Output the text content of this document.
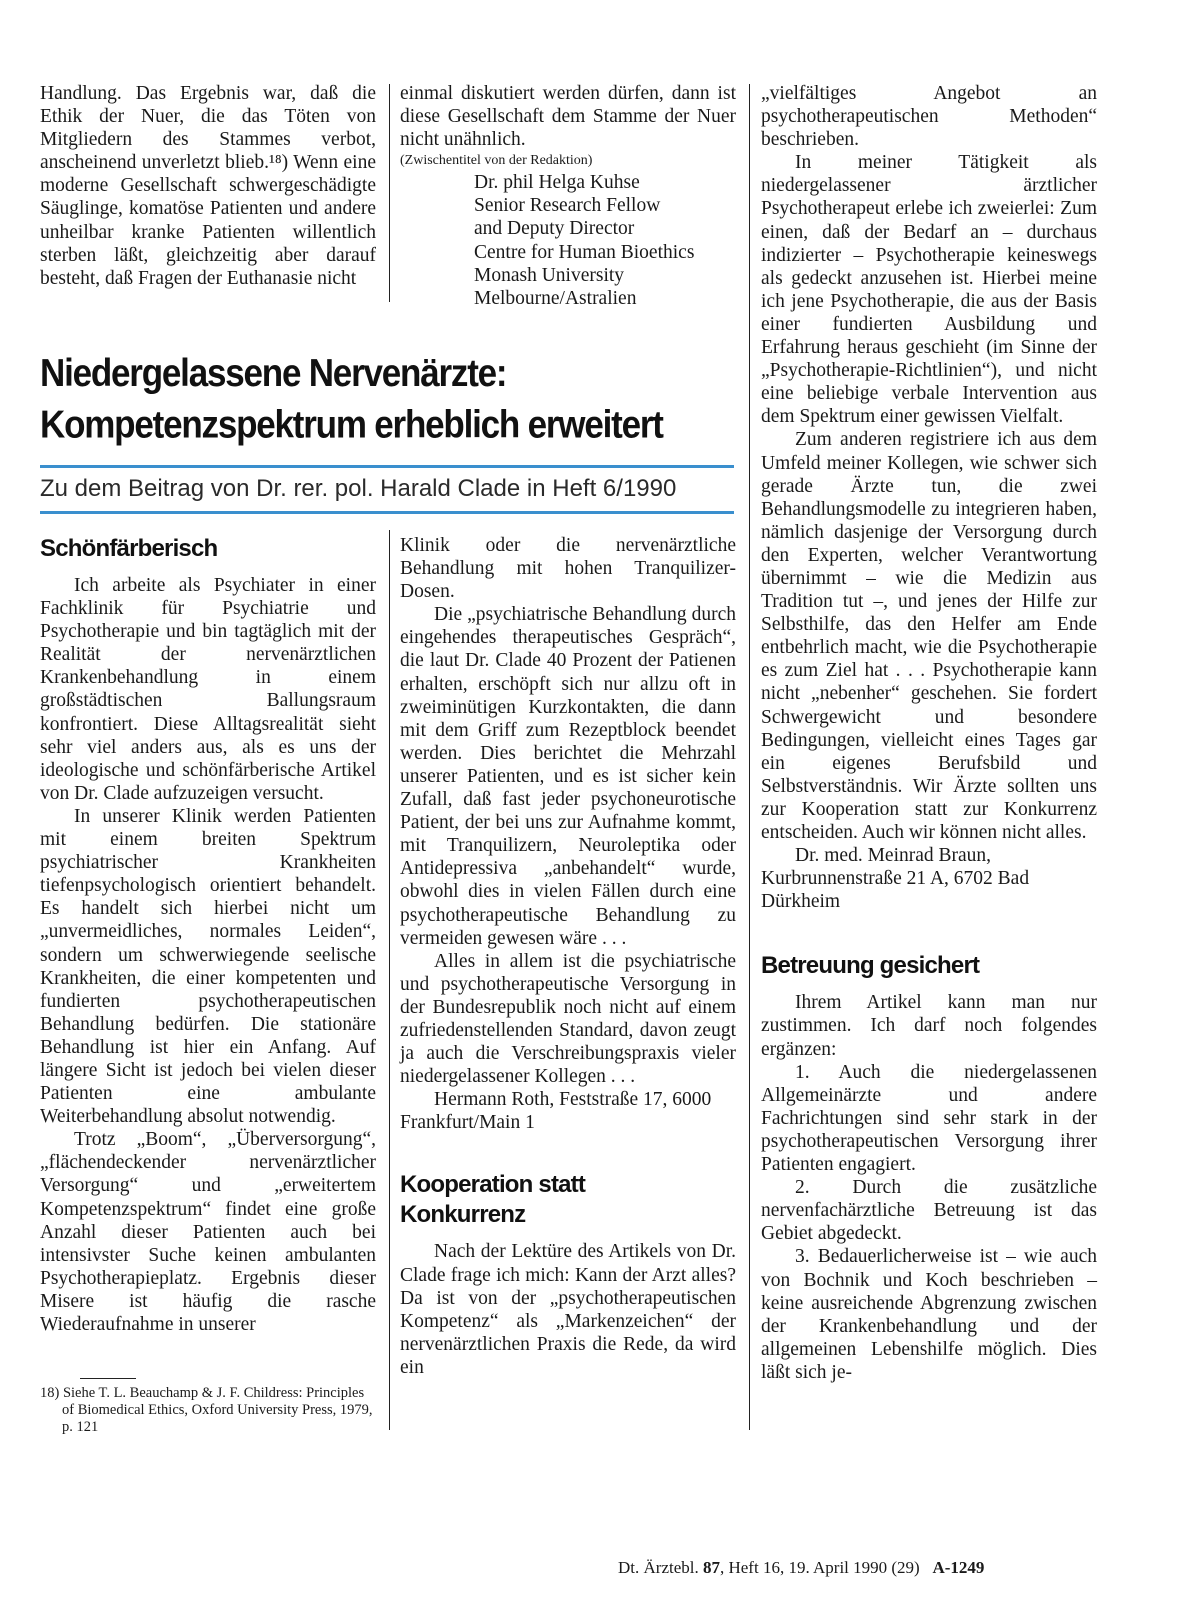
Handlung. Das Ergebnis war, daß die Ethik der Nuer, die das Töten von Mitgliedern des Stammes verbot, anscheinend unverletzt blieb.¹⁸) Wenn eine moderne Gesellschaft schwergeschädigte Säuglinge, komatöse Patienten und andere unheilbar kranke Patienten willentlich sterben läßt, gleichzeitig aber darauf besteht, daß Fragen der Euthanasie nicht

einmal diskutiert werden dürfen, dann ist diese Gesellschaft dem Stamme der Nuer nicht unähnlich.

(Zwischentitel von der Redaktion)

Dr. phil Helga Kuhse

Senior Research Fellow

and Deputy Director

Centre for Human Bioethics

Monash University

Melbourne/Astralien

Niedergelassene Nervenärzte:
Kompetenzspektrum erheblich erweitert
Zu dem Beitrag von Dr. rer. pol. Harald Clade in Heft 6/1990
Schönfärberisch

Ich arbeite als Psychiater in einer Fachklinik für Psychiatrie und Psychotherapie und bin tagtäglich mit der Realität der nervenärztlichen Krankenbehandlung in einem großstädtischen Ballungsraum konfrontiert. Diese Alltagsrealität sieht sehr viel anders aus, als es uns der ideologische und schönfärberische Artikel von Dr. Clade aufzuzeigen versucht.

In unserer Klinik werden Patienten mit einem breiten Spektrum psychiatrischer Krankheiten tiefenpsychologisch orientiert behandelt. Es handelt sich hierbei nicht um „unvermeidliches, normales Leiden“, sondern um schwerwiegende seelische Krankheiten, die einer kompetenten und fundierten psychotherapeutischen Behandlung bedürfen. Die stationäre Behandlung ist hier ein Anfang. Auf längere Sicht ist jedoch bei vielen dieser Patienten eine ambulante Weiterbehandlung absolut notwendig.

Trotz „Boom“, „Überversorgung“, „flächendeckender nervenärztlicher Versorgung“ und „erweitertem Kompetenzspektrum“ findet eine große Anzahl dieser Patienten auch bei intensivster Suche keinen ambulanten Psychotherapieplatz. Ergebnis dieser Misere ist häufig die rasche Wiederaufnahme in unserer

Klinik oder die nervenärztliche Behandlung mit hohen Tranquilizer-Dosen.

Die „psychiatrische Behandlung durch eingehendes therapeutisches Gespräch“, die laut Dr. Clade 40 Prozent der Patienen erhalten, erschöpft sich nur allzu oft in zweiminütigen Kurzkontakten, die dann mit dem Griff zum Rezeptblock beendet werden. Dies berichtet die Mehrzahl unserer Patienten, und es ist sicher kein Zufall, daß fast jeder psychoneurotische Patient, der bei uns zur Aufnahme kommt, mit Tranquilizern, Neuroleptika oder Antidepressiva „anbehandelt“ wurde, obwohl dies in vielen Fällen durch eine psychotherapeutische Behandlung zu vermeiden gewesen wäre . . .

Alles in allem ist die psychiatrische und psychotherapeutische Versorgung in der Bundesrepublik noch nicht auf einem zufriedenstellenden Standard, davon zeugt ja auch die Verschreibungspraxis vieler niedergelassener Kollegen . . .

Hermann Roth, Feststraße 17, 6000 Frankfurt/Main 1

Kooperation statt
Konkurrenz

Nach der Lektüre des Artikels von Dr. Clade frage ich mich: Kann der Arzt alles? Da ist von der „psychotherapeutischen Kompetenz“ als „Markenzeichen“ der nervenärztlichen Praxis die Rede, da wird ein

„vielfältiges Angebot an psychotherapeutischen Methoden“ beschrieben.

In meiner Tätigkeit als niedergelassener ärztlicher Psychotherapeut erlebe ich zweierlei: Zum einen, daß der Bedarf an – durchaus indizierter – Psychotherapie keineswegs als gedeckt anzusehen ist. Hierbei meine ich jene Psychotherapie, die aus der Basis einer fundierten Ausbildung und Erfahrung heraus geschieht (im Sinne der „Psychotherapie-Richtlinien“), und nicht eine beliebige verbale Intervention aus dem Spektrum einer gewissen Vielfalt.

Zum anderen registriere ich aus dem Umfeld meiner Kollegen, wie schwer sich gerade Ärzte tun, die zwei Behandlungsmodelle zu integrieren haben, nämlich dasjenige der Versorgung durch den Experten, welcher Verantwortung übernimmt – wie die Medizin aus Tradition tut –, und jenes der Hilfe zur Selbsthilfe, das den Helfer am Ende entbehrlich macht, wie die Psychotherapie es zum Ziel hat . . . Psychotherapie kann nicht „nebenher“ geschehen. Sie fordert Schwergewicht und besondere Bedingungen, vielleicht eines Tages gar ein eigenes Berufsbild und Selbstverständnis. Wir Ärzte sollten uns zur Kooperation statt zur Konkurrenz entscheiden. Auch wir können nicht alles.

Dr. med. Meinrad Braun, Kurbrunnenstraße 21 A, 6702 Bad Dürkheim

Betreuung gesichert

Ihrem Artikel kann man nur zustimmen. Ich darf noch folgendes ergänzen:

1. Auch die niedergelassenen Allgemeinärzte und andere Fachrichtungen sind sehr stark in der psychotherapeutischen Versorgung ihrer Patienten engagiert.

2. Durch die zusätzliche nervenfachärztliche Betreuung ist das Gebiet abgedeckt.

3. Bedauerlicherweise ist – wie auch von Bochnik und Koch beschrieben – keine ausreichende Abgrenzung zwischen der Krankenbehandlung und der allgemeinen Lebenshilfe möglich. Dies läßt sich je-

18) Siehe T. L. Beauchamp & J. F. Childress: Principles of Biomedical Ethics, Oxford University Press, 1979, p. 121

Dt. Ärztebl. 87, Heft 16, 19. April 1990 (29) A-1249
